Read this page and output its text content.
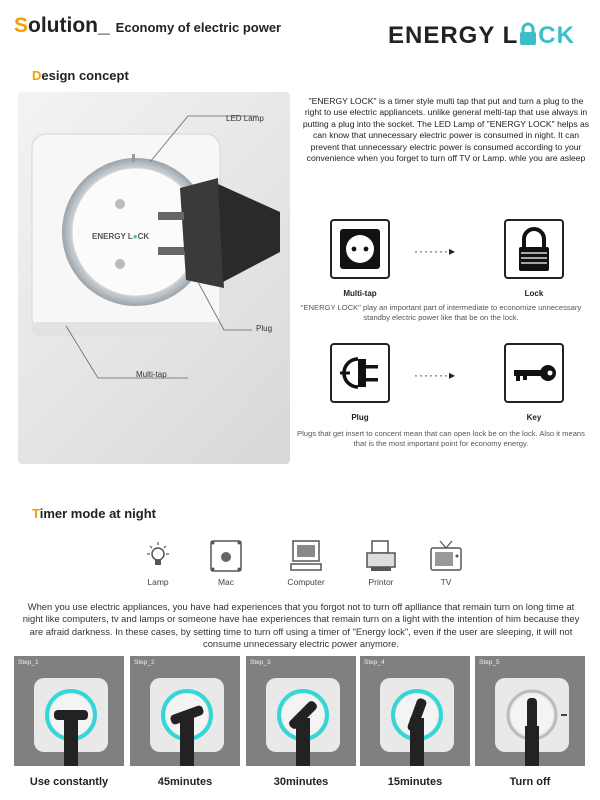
Solution_ Economy of electric power	ENERGY L CK
Design concept
ENERGY L●CK
LED Lamp
Plug
Multi-tap
"ENERGY LOCK" is a timer style multi tap that put and turn a plug to the right to use electric appliancets. unlike general melti-tap that use always in putting a plug into the socket. The LED Lamp of "ENERGY LOCK" helps as can know that unnecessary electric power is consumed in night. It can prevent that unnecessary electric power is consumed according to your convenience when you forget to turn off TV or Lamp. whle you are asleep
Multi-tap
·······▸
Lock
"ENERGY LOCK" play an important part of intermediate to economize unnecessary standby electric power like that be on the lock.
Plug
·······▸
Key
Plugs that get insert to concent mean that can open lock be on the lock. Also it means that is the most important point for economy energy.
Timer mode at night
Lamp	Mac	Computer	Printor	TV
When you use electric appliances, you have had experiences that you forgot not to turn off aplliance that remain turn on long time at night like computers, tv and lamps or someone have hae experiences that remain turn on a light with the intention of him because they are afraid darkness. In these cases, by setting time to turn off using a timer of "Energy lock", even if the user are sleeping, it will not consume unnecessary electric power anymore.
Step_1
Use constantly
Step_2
45minutes
Step_3
30minutes
Step_4
15minutes
Step_5
Turn off
